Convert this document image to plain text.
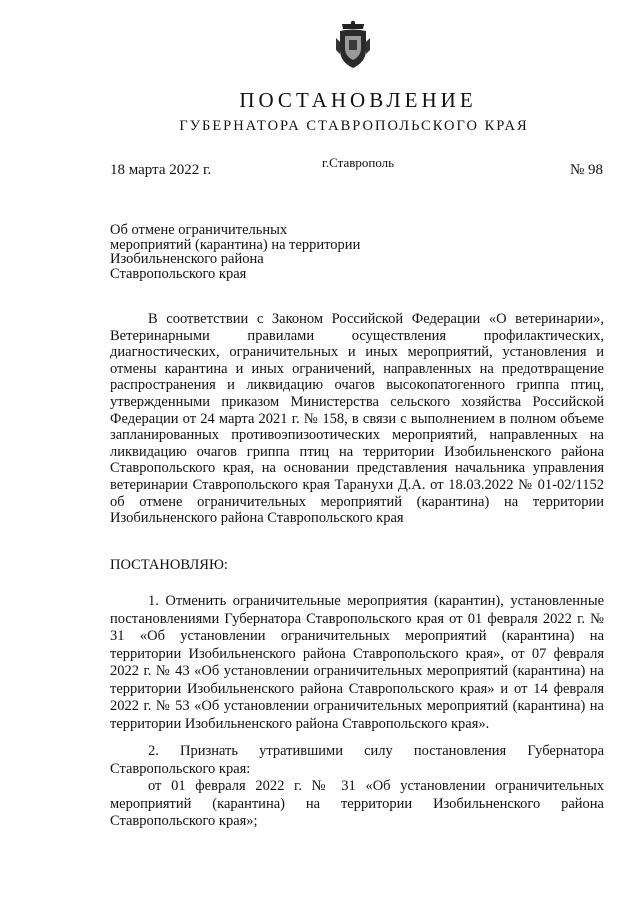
ПОСТАНОВЛЕНИЕ
ГУБЕРНАТОРА СТАВРОПОЛЬСКОГО КРАЯ
18 марта 2022 г.	г.Ставрополь	№ 98
Об отмене ограничительных мероприятий (карантина) на территории Изобильненского района Ставропольского края

В соответствии с Законом Российской Федерации «О ветеринарии», Ветеринарными правилами осуществления профилактических, диагностических, ограничительных и иных мероприятий, установления и отмены карантина и иных ограничений, направленных на предотвращение распространения и ликвидацию очагов высокопатогенного гриппа птиц, утвержденными приказом Министерства сельского хозяйства Российской Федерации от 24 марта 2021 г. № 158, в связи с выполнением в полном объеме запланированных противоэпизоотических мероприятий, направленных на ликвидацию очагов гриппа птиц на территории Изобильненского района Ставропольского края, на основании представления начальника управления ветеринарии Ставропольского края Таранухи Д.А. от 18.03.2022 № 01-02/1152 об отмене ограничительных мероприятий (карантина) на территории Изобильненского района Ставропольского края

ПОСТАНОВЛЯЮ:

1. Отменить ограничительные мероприятия (карантин), установленные постановлениями Губернатора Ставропольского края от 01 февраля 2022 г. № 31 «Об установлении ограничительных мероприятий (карантина) на территории Изобильненского района Ставропольского края», от 07 февраля 2022 г. № 43 «Об установлении ограничительных мероприятий (карантина) на территории Изобильненского района Ставропольского края» и от 14 февраля 2022 г. № 53 «Об установлении ограничительных мероприятий (карантина) на территории Изобильненского района Ставропольского края».

2. Признать утратившими силу постановления Губернатора Ставропольского края:

от 01 февраля 2022 г. № 31 «Об установлении ограничительных мероприятий (карантина) на территории Изобильненского района Ставропольского края»;
